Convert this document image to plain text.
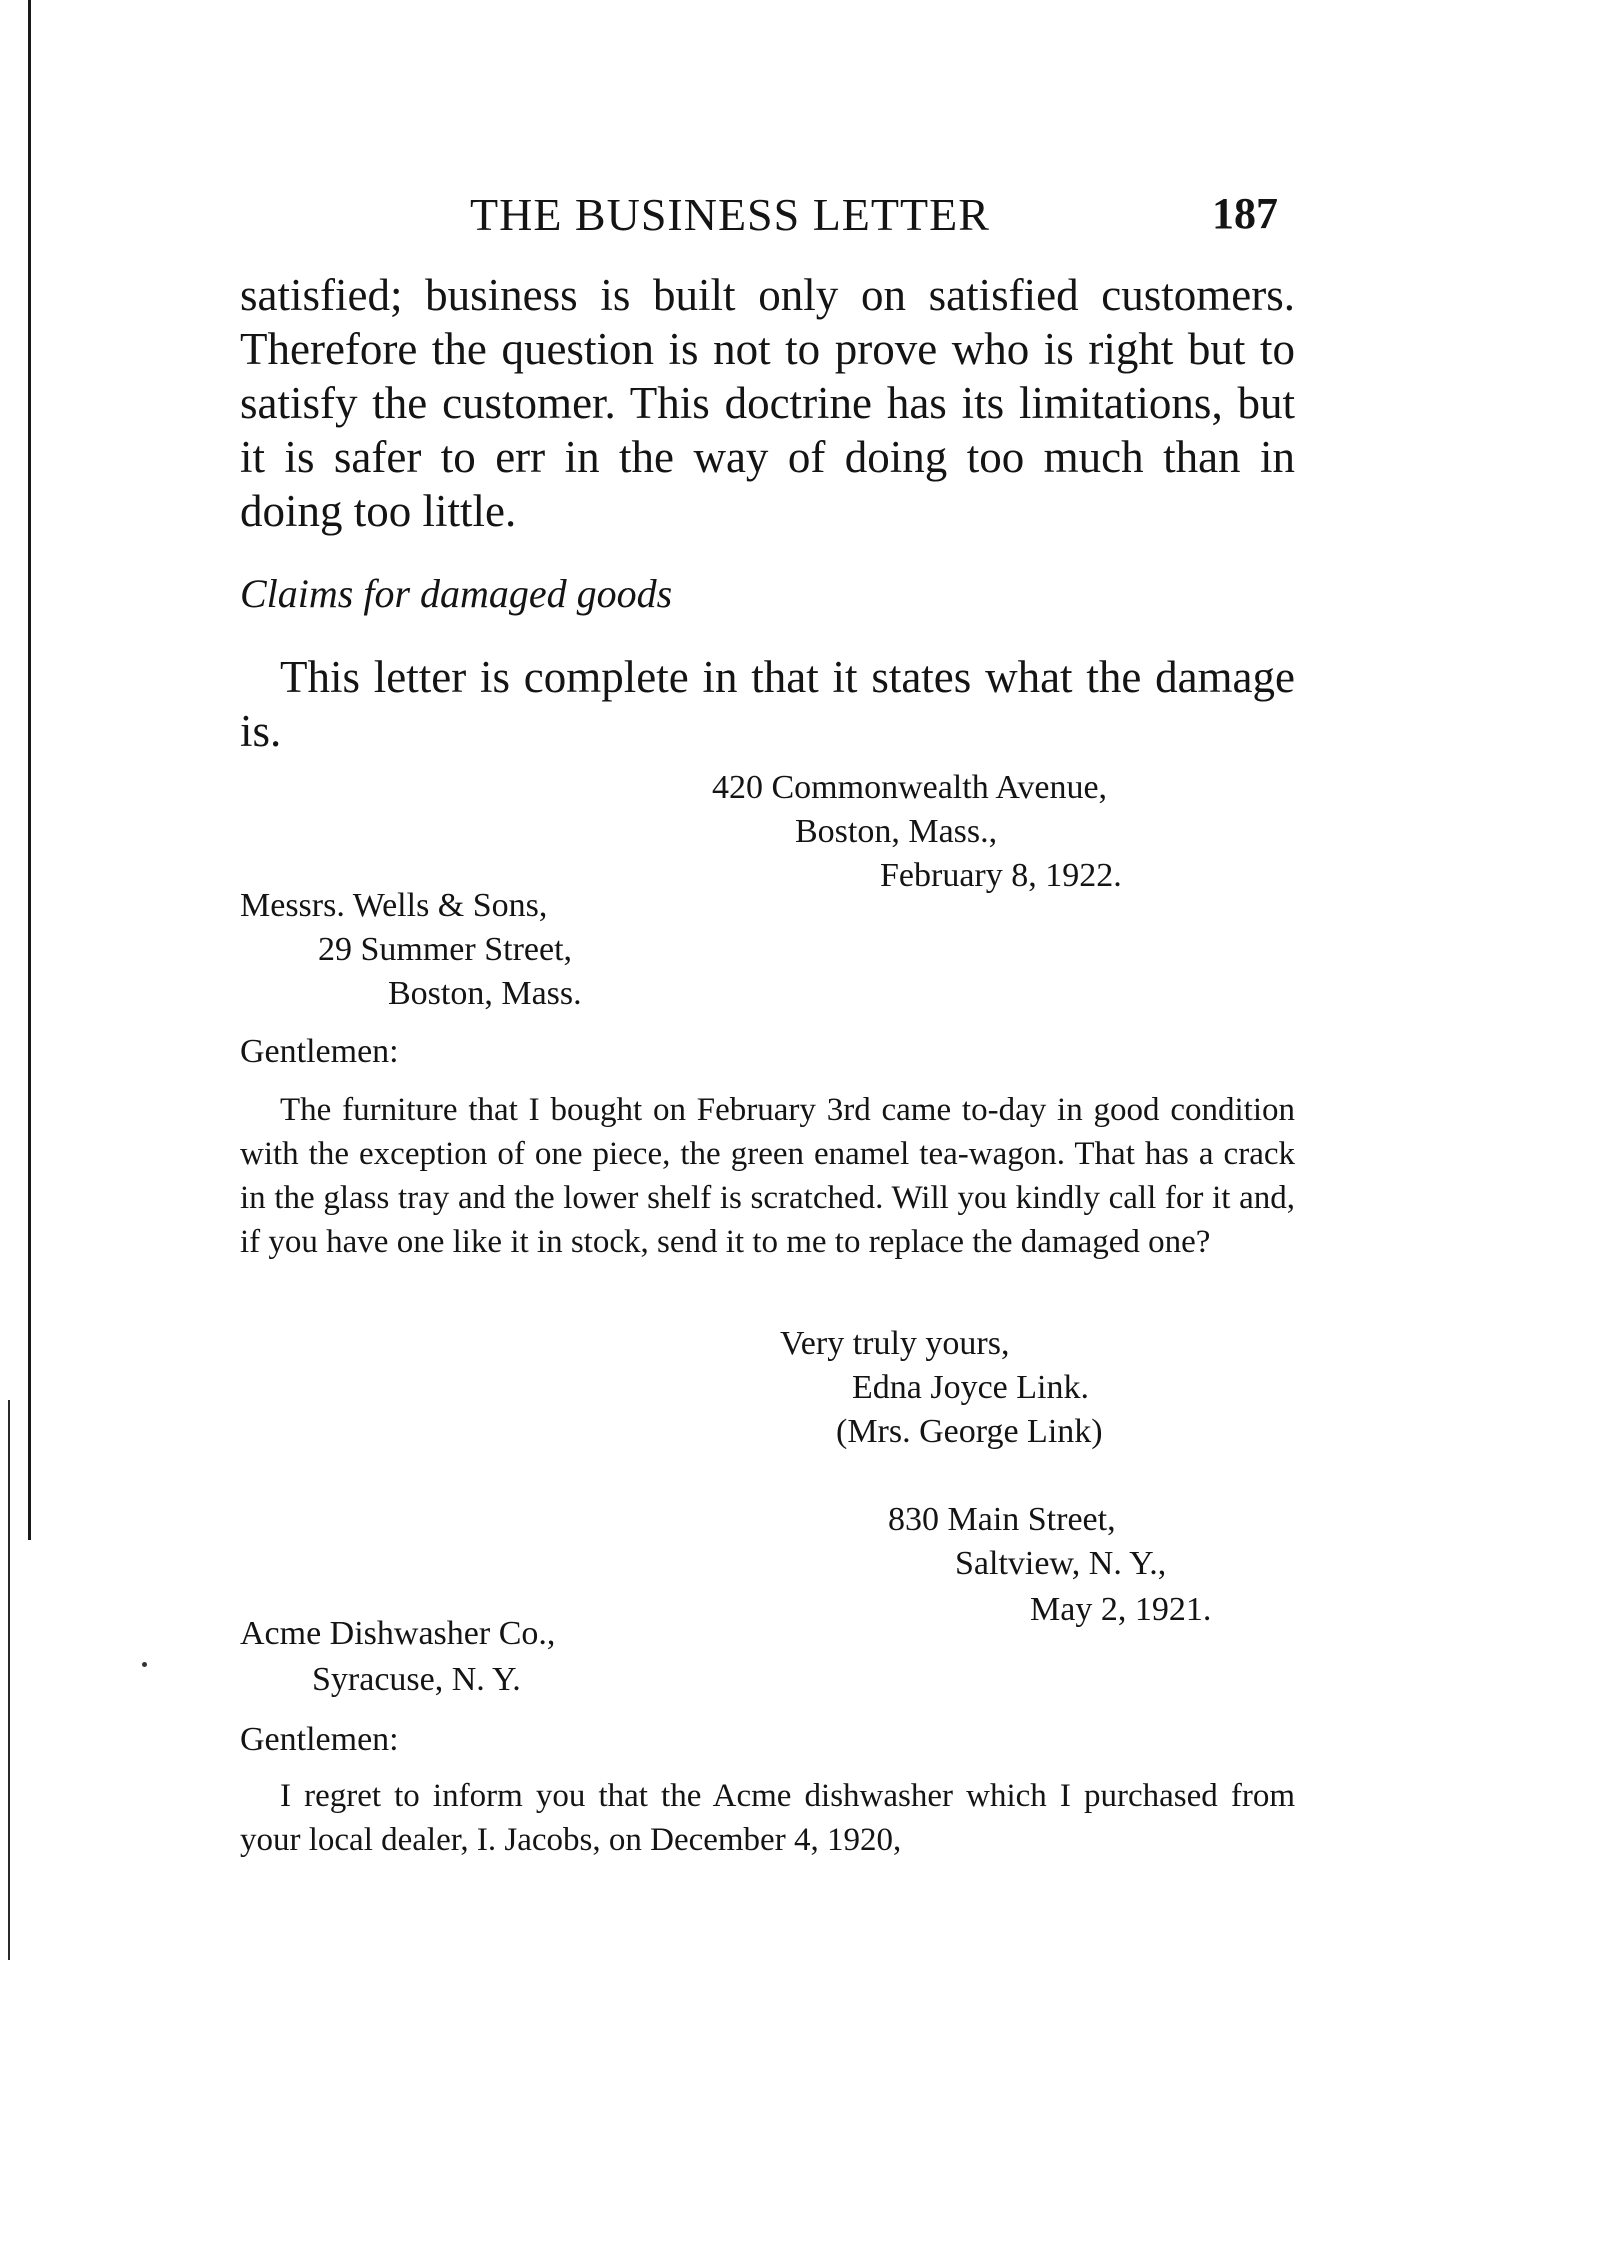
THE BUSINESS LETTER	187

satisfied; business is built only on satisfied customers. Therefore the question is not to prove who is right but to satisfy the customer. This doctrine has its limitations, but it is safer to err in the way of doing too much than in doing too little.

Claims for damaged goods

This letter is complete in that it states what the damage is.

420 Commonwealth Avenue,

Boston, Mass.,

February 8, 1922.

Messrs. Wells & Sons,

29 Summer Street,

Boston, Mass.

Gentlemen:

The furniture that I bought on February 3rd came to-day in good condition with the exception of one piece, the green enamel tea-wagon. That has a crack in the glass tray and the lower shelf is scratched. Will you kindly call for it and, if you have one like it in stock, send it to me to replace the damaged one?

Very truly yours,

Edna Joyce Link.

(Mrs. George Link)

830 Main Street,

Saltview, N. Y.,

May 2, 1921.

Acme Dishwasher Co.,

Syracuse, N. Y.

Gentlemen:

I regret to inform you that the Acme dishwasher which I purchased from your local dealer, I. Jacobs, on December 4, 1920,
